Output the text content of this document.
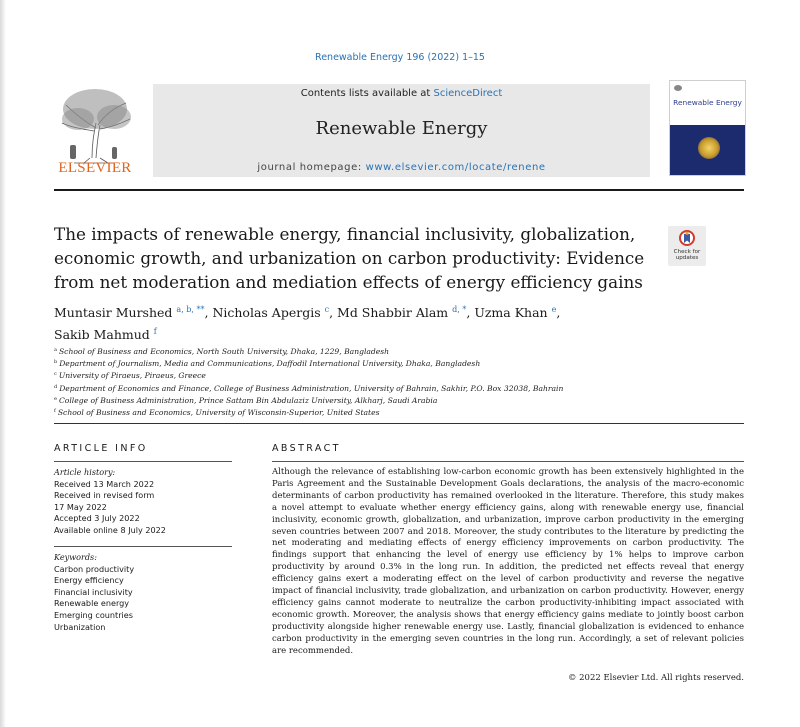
Renewable Energy 196 (2022) 1–15
ELSEVIER
Contents lists available at ScienceDirect
Renewable Energy
journal homepage: www.elsevier.com/locate/renene
Renewable Energy
The impacts of renewable energy, financial inclusivity, globalization, economic growth, and urbanization on carbon productivity: Evidence from net moderation and mediation effects of energy efficiency gains
Check for
updates

Muntasir Murshed $^{a, b, **}$, Nicholas Apergis $^c$, Md Shabbir Alam $^{d, *}$, Uzma Khan $^e$,
Sakib Mahmud $^f$

$^a$ School of Business and Economics, North South University, Dhaka, 1229, Bangladesh
$^b$ Department of Journalism, Media and Communications, Daffodil International University, Dhaka, Bangladesh
$^c$ University of Piraeus, Piraeus, Greece
$^d$ Department of Economics and Finance, College of Business Administration, University of Bahrain, Sakhir, P.O. Box 32038, Bahrain
$^e$ College of Business Administration, Prince Sattam Bin Abdulaziz University, Alkharj, Saudi Arabia
$^f$ School of Business and Economics, University of Wisconsin-Superior, United States
ARTICLE INFO	ABSTRACT
Article history:
Received 13 March 2022
Received in revised form
17 May 2022
Accepted 3 July 2022
Available online 8 July 2022
Keywords:
Carbon productivity
Energy efficiency
Financial inclusivity
Renewable energy
Emerging countries
Urbanization

Although the relevance of establishing low-carbon economic growth has been extensively highlighted in the Paris Agreement and the Sustainable Development Goals declarations, the analysis of the macro-economic determinants of carbon productivity has remained overlooked in the literature. Therefore, this study makes a novel attempt to evaluate whether energy efficiency gains, along with renewable energy use, financial inclusivity, economic growth, globalization, and urbanization, improve carbon productivity in the emerging seven countries between 2007 and 2018. Moreover, the study contributes to the literature by predicting the net moderating and mediating effects of energy efficiency improvements on carbon productivity. The findings support that enhancing the level of energy use efficiency by 1% helps to improve carbon productivity by around 0.3% in the long run. In addition, the predicted net effects reveal that energy efficiency gains exert a moderating effect on the level of carbon productivity and reverse the negative impact of financial inclusivity, trade globalization, and urbanization on carbon productivity. However, energy efficiency gains cannot moderate to neutralize the carbon productivity-inhibiting impact associated with economic growth. Moreover, the analysis shows that energy efficiency gains mediate to jointly boost carbon productivity alongside higher renewable energy use. Lastly, financial globalization is evidenced to enhance carbon productivity in the emerging seven countries in the long run. Accordingly, a set of relevant policies are recommended.

© 2022 Elsevier Ltd. All rights reserved.
